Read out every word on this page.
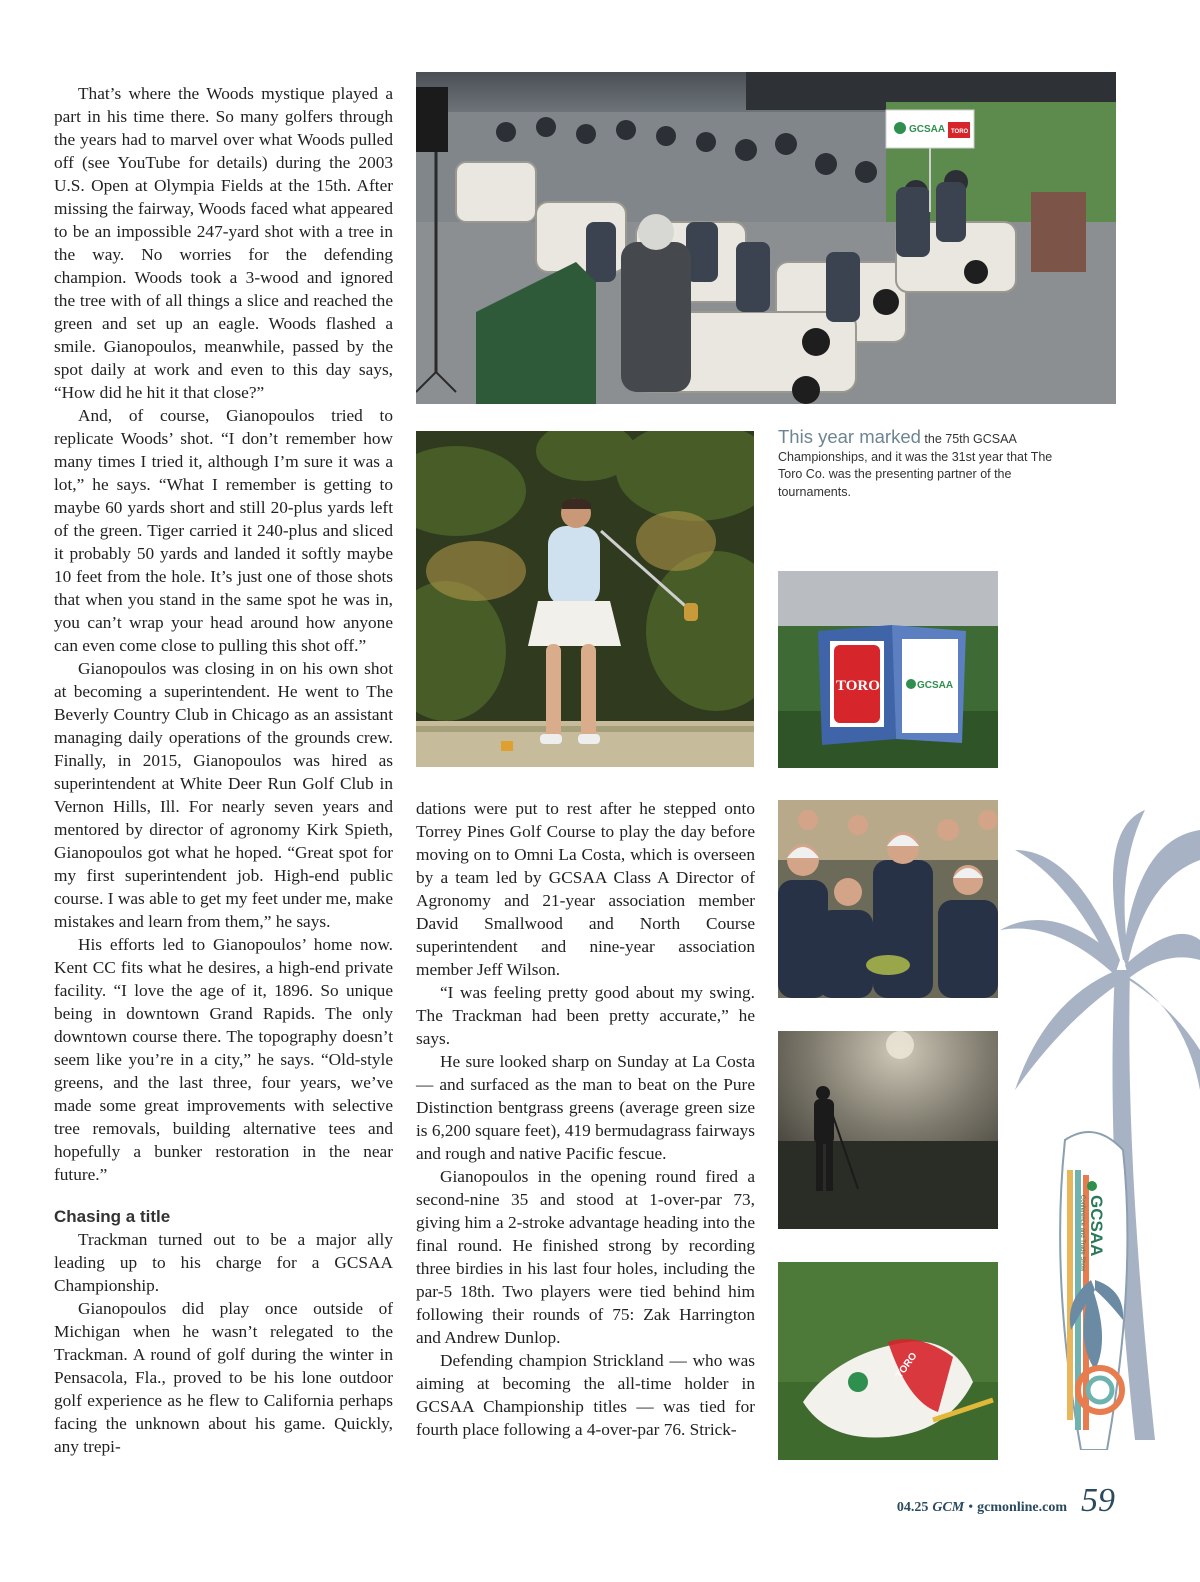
That’s where the Woods mystique played a part in his time there. So many golfers through the years had to marvel over what Woods pulled off (see YouTube for details) during the 2003 U.S. Open at Olympia Fields at the 15th. After missing the fairway, Woods faced what appeared to be an impossible 247-yard shot with a tree in the way. No worries for the defending champion. Woods took a 3-wood and ignored the tree with of all things a slice and reached the green and set up an eagle. Woods flashed a smile. Gianopoulos, meanwhile, passed by the spot daily at work and even to this day says, “How did he hit it that close?”

And, of course, Gianopoulos tried to replicate Woods’ shot. “I don’t remember how many times I tried it, although I’m sure it was a lot,” he says. “What I remember is getting to maybe 60 yards short and still 20-plus yards left of the green. Tiger carried it 240-plus and sliced it probably 50 yards and landed it softly maybe 10 feet from the hole. It’s just one of those shots that when you stand in the same spot he was in, you can’t wrap your head around how anyone can even come close to pulling this shot off.”

Gianopoulos was closing in on his own shot at becoming a superintendent. He went to The Beverly Country Club in Chicago as an assistant managing daily operations of the grounds crew. Finally, in 2015, Gianopoulos was hired as superintendent at White Deer Run Golf Club in Vernon Hills, Ill. For nearly seven years and mentored by director of agronomy Kirk Spieth, Gianopoulos got what he hoped. “Great spot for my first superintendent job. High-end public course. I was able to get my feet under me, make mistakes and learn from them,” he says.

His efforts led to Gianopoulos’ home now. Kent CC fits what he desires, a high-end private facility. “I love the age of it, 1896. So unique being in downtown Grand Rapids. The only downtown course there. The topography doesn’t seem like you’re in a city,” he says. “Old-style greens, and the last three, four years, we’ve made some great improvements with selective tree removals, building alternative tees and hopefully a bunker restoration in the near future.”

Chasing a title

Trackman turned out to be a major ally leading up to his charge for a GCSAA Championship.

Gianopoulos did play once outside of Michigan when he wasn’t relegated to the Trackman. A round of golf during the winter in Pensacola, Fla., proved to be his lone outdoor golf experience as he flew to California perhaps facing the unknown about his game. Quickly, any trepi-

dations were put to rest after he stepped onto Torrey Pines Golf Course to play the day before moving on to Omni La Costa, which is overseen by a team led by GCSAA Class A Director of Agronomy and 21-year association member David Smallwood and North Course superintendent and nine-year association member Jeff Wilson.

“I was feeling pretty good about my swing. The Trackman had been pretty accurate,” he says.

He sure looked sharp on Sunday at La Costa — and surfaced as the man to beat on the Pure Distinction bentgrass greens (average green size is 6,200 square feet), 419 bermudagrass fairways and rough and native Pacific fescue.

Gianopoulos in the opening round fired a second-nine 35 and stood at 1-over-par 73, giving him a 2-stroke advantage heading into the final round. He finished strong by recording three birdies in his last four holes, including the par-5 18th. Two players were tied behind him following their rounds of 75: Zak Harrington and Andrew Dunlop.

Defending champion Strickland — who was aiming at becoming the all-time holder in GCSAA Championship titles — was tied for fourth place following a 4-over-par 76. Strick-

GCSAA TORO
This year marked the 75th GCSAA Championships, and it was the 31st year that The Toro Co. was the presenting partner of the tournaments.
TORO	GCSAA
TORO
GCSAA
Conference and Trade Show
04.25 GCM • gcmonline.com 59
